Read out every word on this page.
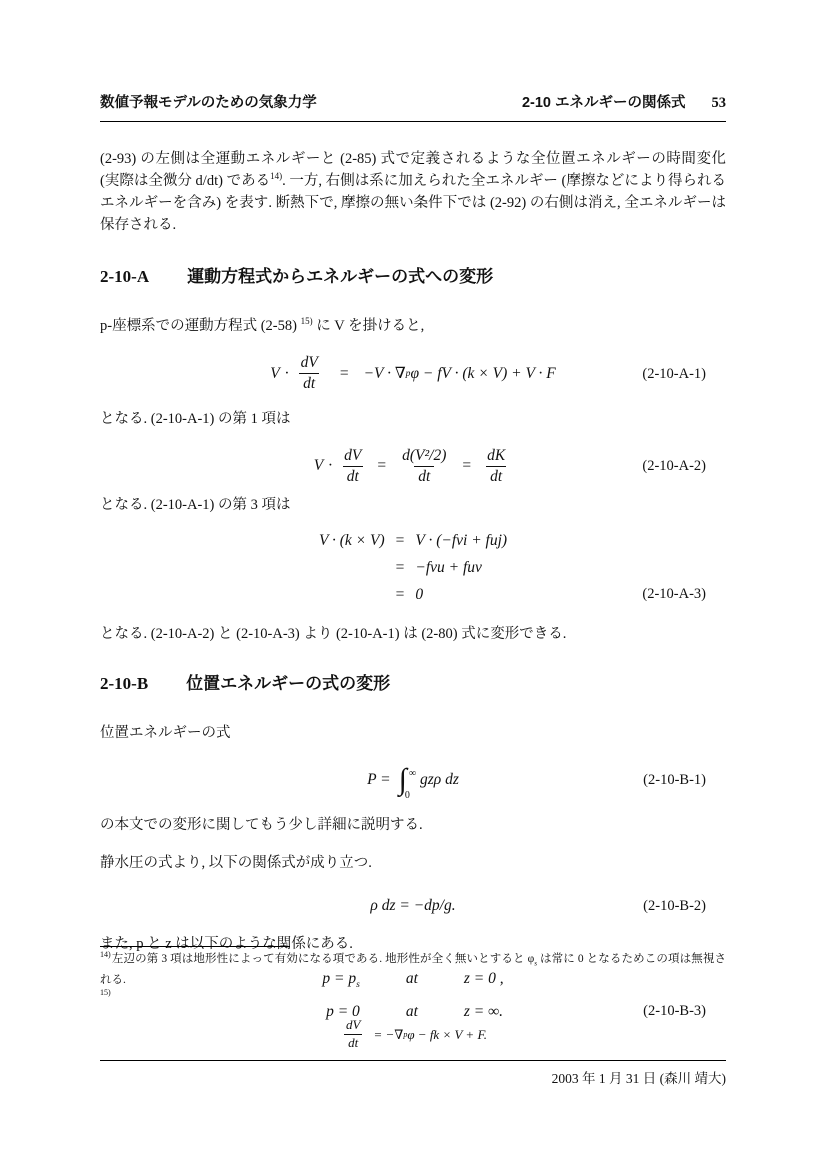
数値予報モデルのための気象力学	2-10 エネルギーの関係式 53

(2-93) の左側は全運動エネルギーと (2-85) 式で定義されるような全位置エネルギーの時間変化 (実際は全微分 d/dt) である$^{14)}$. 一方, 右側は系に加えられた全エネルギー (摩擦などにより得られるエネルギーを含み) を表す. 断熱下で, 摩擦の無い条件下では (2-92) の右側は消え, 全エネルギーは保存される.

2-10-A 運動方程式からエネルギーの式への変形

p-座標系での運動方程式 (2-58) $^{15)}$ に V を掛けると,

$V \cdot \frac{dV}{dt} = -V$ · ∇ p φ − fV · (k × V) + V · F	(2-10-A-1)

となる. (2-10-A-1) の第 1 項は

$V \cdot \frac{dV}{dt} = \frac{\text{d(V²/2)}}{dt} = \frac{dK}{dt}$	(2-10-A-2)

となる. (2-10-A-1) の第 3 項は

V · (k × V) = V · (−fvi + fuj)
= −fvu + fuv
= 0	(2-10-A-3)

となる. (2-10-A-2) と (2-10-A-3) より (2-10-A-1) は (2-80) 式に変形できる.

2-10-B 位置エネルギーの式の変形

位置エネルギーの式

P = ∫ ∞
0
gzρ dz	(2-10-B-1)

の本文での変形に関してもう少し詳細に説明する.

静水圧の式より, 以下の関係式が成り立つ.

ρ dz = −dp/g.	(2-10-B-2)

また, p と z は以下のような関係にある.

$p = p_s$	at	z = 0 ,
p = 0	at	z = ∞.	(2-10-B-3)

$^{14)}$左辺の第 3 項は地形性によって有効になる項である. 地形性が全く無いとすると $\varphi_s$ は常に 0 となるためこの項は無視される.

$^{15)}$

$\frac{dV}{dt}$ = −∇ p φ − fk × V + F.
2003 年 1 月 31 日 (森川 靖大)
